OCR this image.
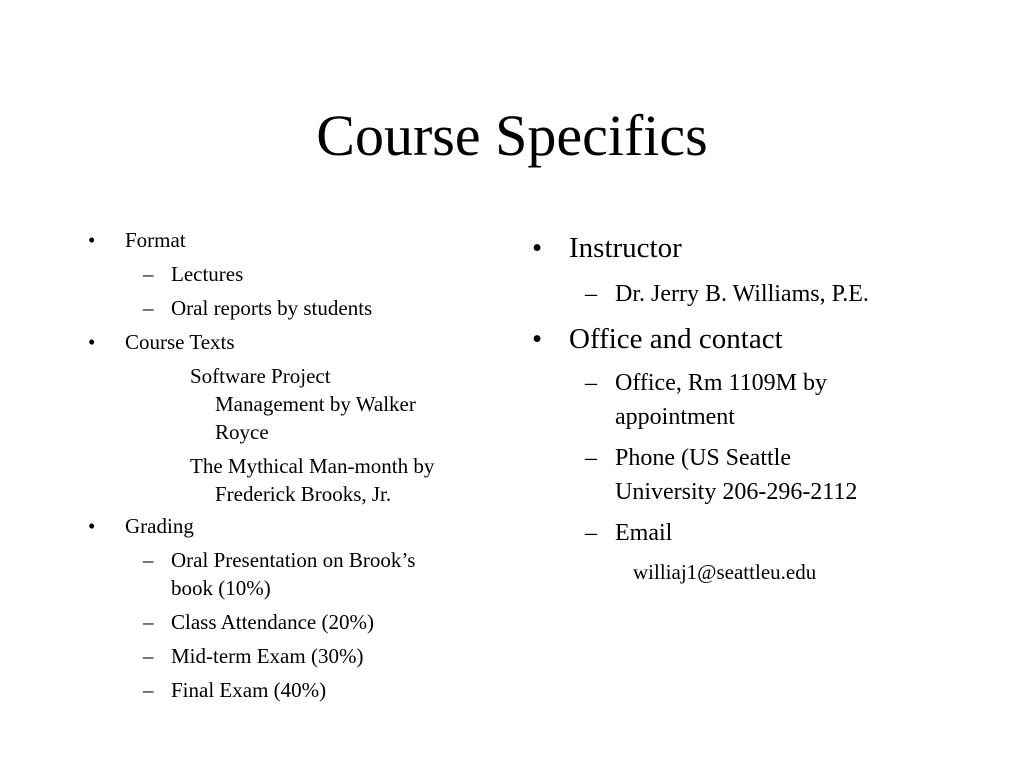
Course Specifics
• Format
– Lectures
– Oral reports by students
• Course Texts
Software Project
Management by Walker
Royce
The Mythical Man-month by
Frederick Brooks, Jr.
• Grading
– Oral Presentation on Brook’s
book (10%)
– Class Attendance (20%)
– Mid-term Exam (30%)
– Final Exam (40%)
• Instructor
– Dr. Jerry B. Williams, P.E.
• Office and contact
– Office, Rm 1109M by
appointment
– Phone (US Seattle
University 206-296-2112
– Email
williaj1@seattleu.edu
